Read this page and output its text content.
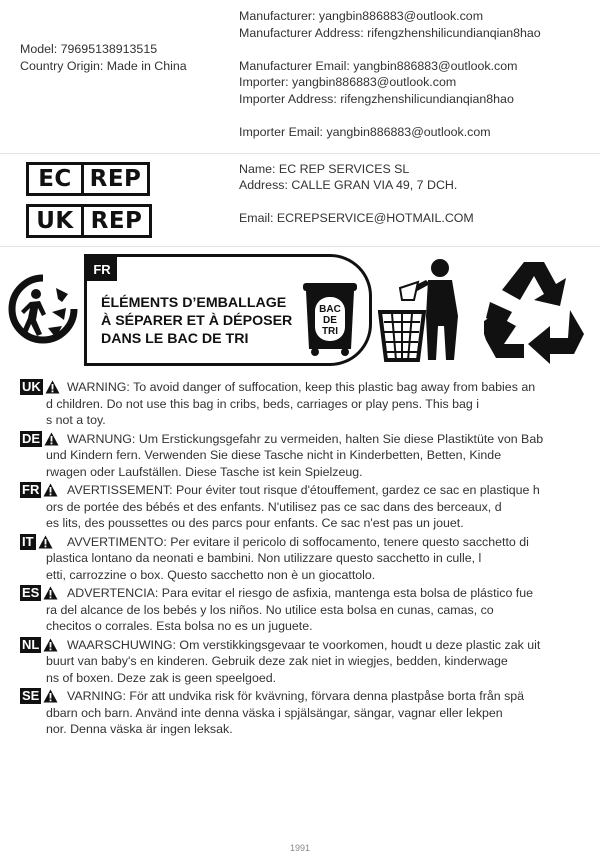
Model: 79695138913515
Country Origin: Made in China
Manufacturer: yangbin886883@outlook.com
Manufacturer Address: rifengzhenshilicundianqian8hao
Manufacturer Email: yangbin886883@outlook.com
Importer: yangbin886883@outlook.com
Importer Address: rifengzhenshilicundianqian8hao
Importer Email: yangbin886883@outlook.com
EC REP
UK REP
Name: EC REP SERVICES SL
Address: CALLE GRAN VIA 49, 7 DCH.
Email: ECREPSERVICE@HOTMAIL.COM
FR
ÉLÉMENTS D’EMBALLAGE
À SÉPARER ET À DÉPOSER
DANS LE BAC DE TRI
BAC
DE
TRI
UK WARNING: To avoid danger of suffocation, keep this plastic bag away from babies an
d children. Do not use this bag in cribs, beds, carriages or play pens. This bag i
s not a toy.
DE WARNUNG: Um Erstickungsgefahr zu vermeiden, halten Sie diese Plastiktüte von Bab
und Kindern fern. Verwenden Sie diese Tasche nicht in Kinderbetten, Betten, Kinde
rwagen oder Laufställen. Diese Tasche ist kein Spielzeug.
FR AVERTISSEMENT: Pour éviter tout risque d'étouffement, gardez ce sac en plastique h
ors de portée des bébés et des enfants. N'utilisez pas ce sac dans des berceaux, d
es lits, des poussettes ou des parcs pour enfants. Ce sac n'est pas un jouet.
IT	AVVERTIMENTO: Per evitare il pericolo di soffocamento, tenere questo sacchetto di
plastica lontano da neonati e bambini. Non utilizzare questo sacchetto in culle, l
etti, carrozzine o box. Questo sacchetto non è un giocattolo.
ES ADVERTENCIA: Para evitar el riesgo de asfixia, mantenga esta bolsa de plástico fue
ra del alcance de los bebés y los niños. No utilice esta bolsa en cunas, camas, co
checitos o corrales. Esta bolsa no es un juguete.
NL WAARSCHUWING: Om verstikkingsgevaar te voorkomen, houdt u deze plastic zak uit
buurt van baby's en kinderen. Gebruik deze zak niet in wiegjes, bedden, kinderwage
ns of boxen. Deze zak is geen speelgoed.
SE VARNING: För att undvika risk för kvävning, förvara denna plastpåse borta från spä
dbarn och barn. Använd inte denna väska i spjälsängar, sängar, vagnar eller lekpen
nor. Denna väska är ingen leksak.
1991
